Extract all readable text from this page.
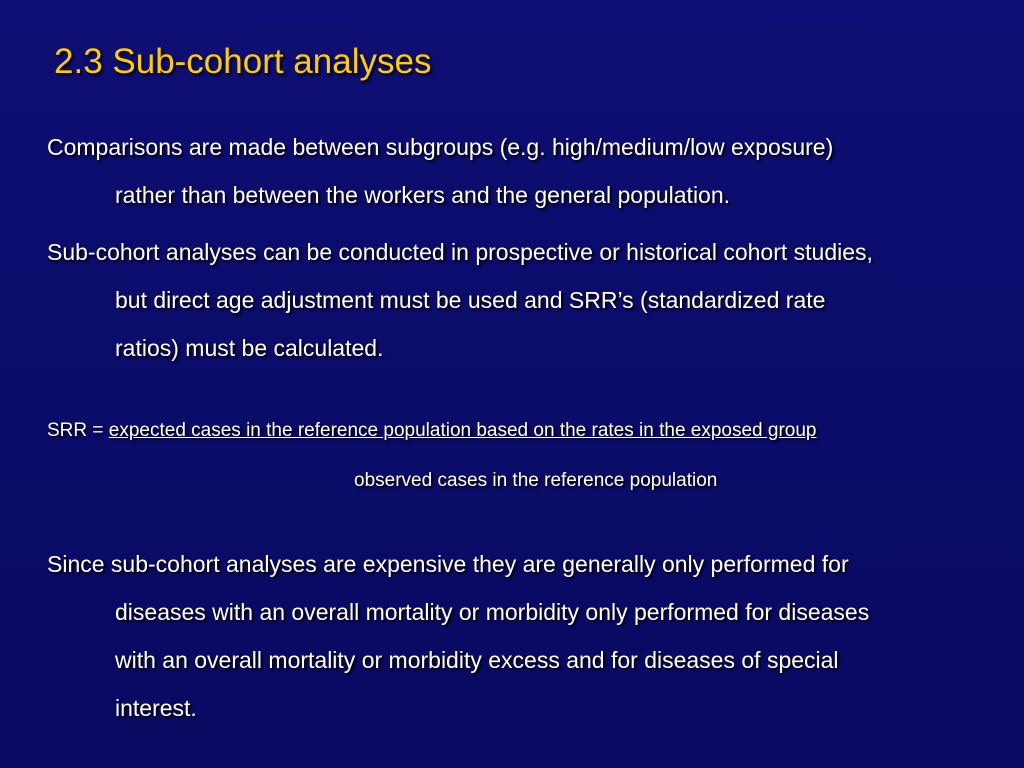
2.3 Sub-cohort analyses
Comparisons are made between subgroups (e.g. high/medium/low exposure)
rather than between the workers and the general population.
Sub-cohort analyses can be conducted in prospective or historical cohort studies,
but direct age adjustment must be used and SRR’s (standardized rate
ratios) must be calculated.
SRR = expected cases in the reference population based on the rates in the exposed group
observed cases in the reference population
Since sub-cohort analyses are expensive they are generally only performed for
diseases with an overall mortality or morbidity only performed for diseases
with an overall mortality or morbidity excess and for diseases of special
interest.
